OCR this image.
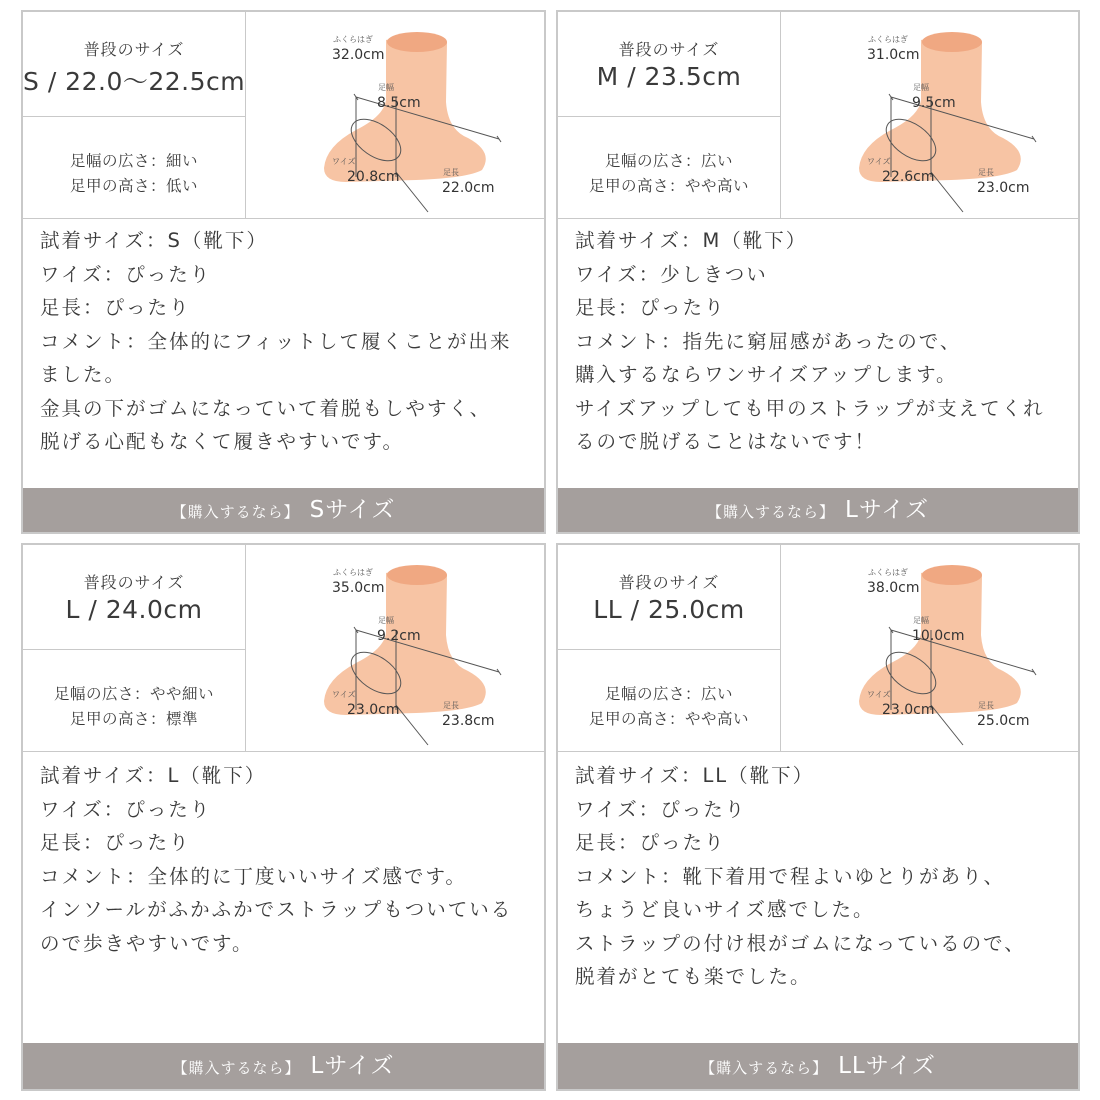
普段のサイズ
S / 22.0〜22.5cm
足幅の広さ：細い
足甲の高さ：低い
ふくらはぎ
32.0cm
足幅
8.5cm
ワイズ
20.8cm	足長
22.0cm
試着サイズ：S（靴下）
ワイズ：ぴったり
足長：ぴったり
コメント：全体的にフィットして履くことが出来
ました。
金具の下がゴムになっていて着脱もしやすく、
脱げる心配もなくて履きやすいです。
【購入するなら】 Sサイズ
普段のサイズ
M / 23.5cm
足幅の広さ：広い
足甲の高さ：やや高い
ふくらはぎ
31.0cm
足幅
9.5cm
ワイズ
22.6cm	足長
23.0cm
試着サイズ：M（靴下）
ワイズ：少しきつい
足長：ぴったり
コメント：指先に窮屈感があったので、
購入するならワンサイズアップします。
サイズアップしても甲のストラップが支えてくれ
るので脱げることはないです！
【購入するなら】 Lサイズ
普段のサイズ
L / 24.0cm
足幅の広さ：やや細い
足甲の高さ：標準
ふくらはぎ
35.0cm
足幅
9.2cm
ワイズ
23.0cm	足長
23.8cm
試着サイズ：L（靴下）
ワイズ：ぴったり
足長：ぴったり
コメント：全体的に丁度いいサイズ感です。
インソールがふかふかでストラップもついている
ので歩きやすいです。
【購入するなら】 Lサイズ
普段のサイズ
LL / 25.0cm
足幅の広さ：広い
足甲の高さ：やや高い
ふくらはぎ
38.0cm
足幅
10.0cm
ワイズ
23.0cm	足長
25.0cm
試着サイズ：LL（靴下）
ワイズ：ぴったり
足長：ぴったり
コメント：靴下着用で程よいゆとりがあり、
ちょうど良いサイズ感でした。
ストラップの付け根がゴムになっているので、
脱着がとても楽でした。
【購入するなら】 LLサイズ
